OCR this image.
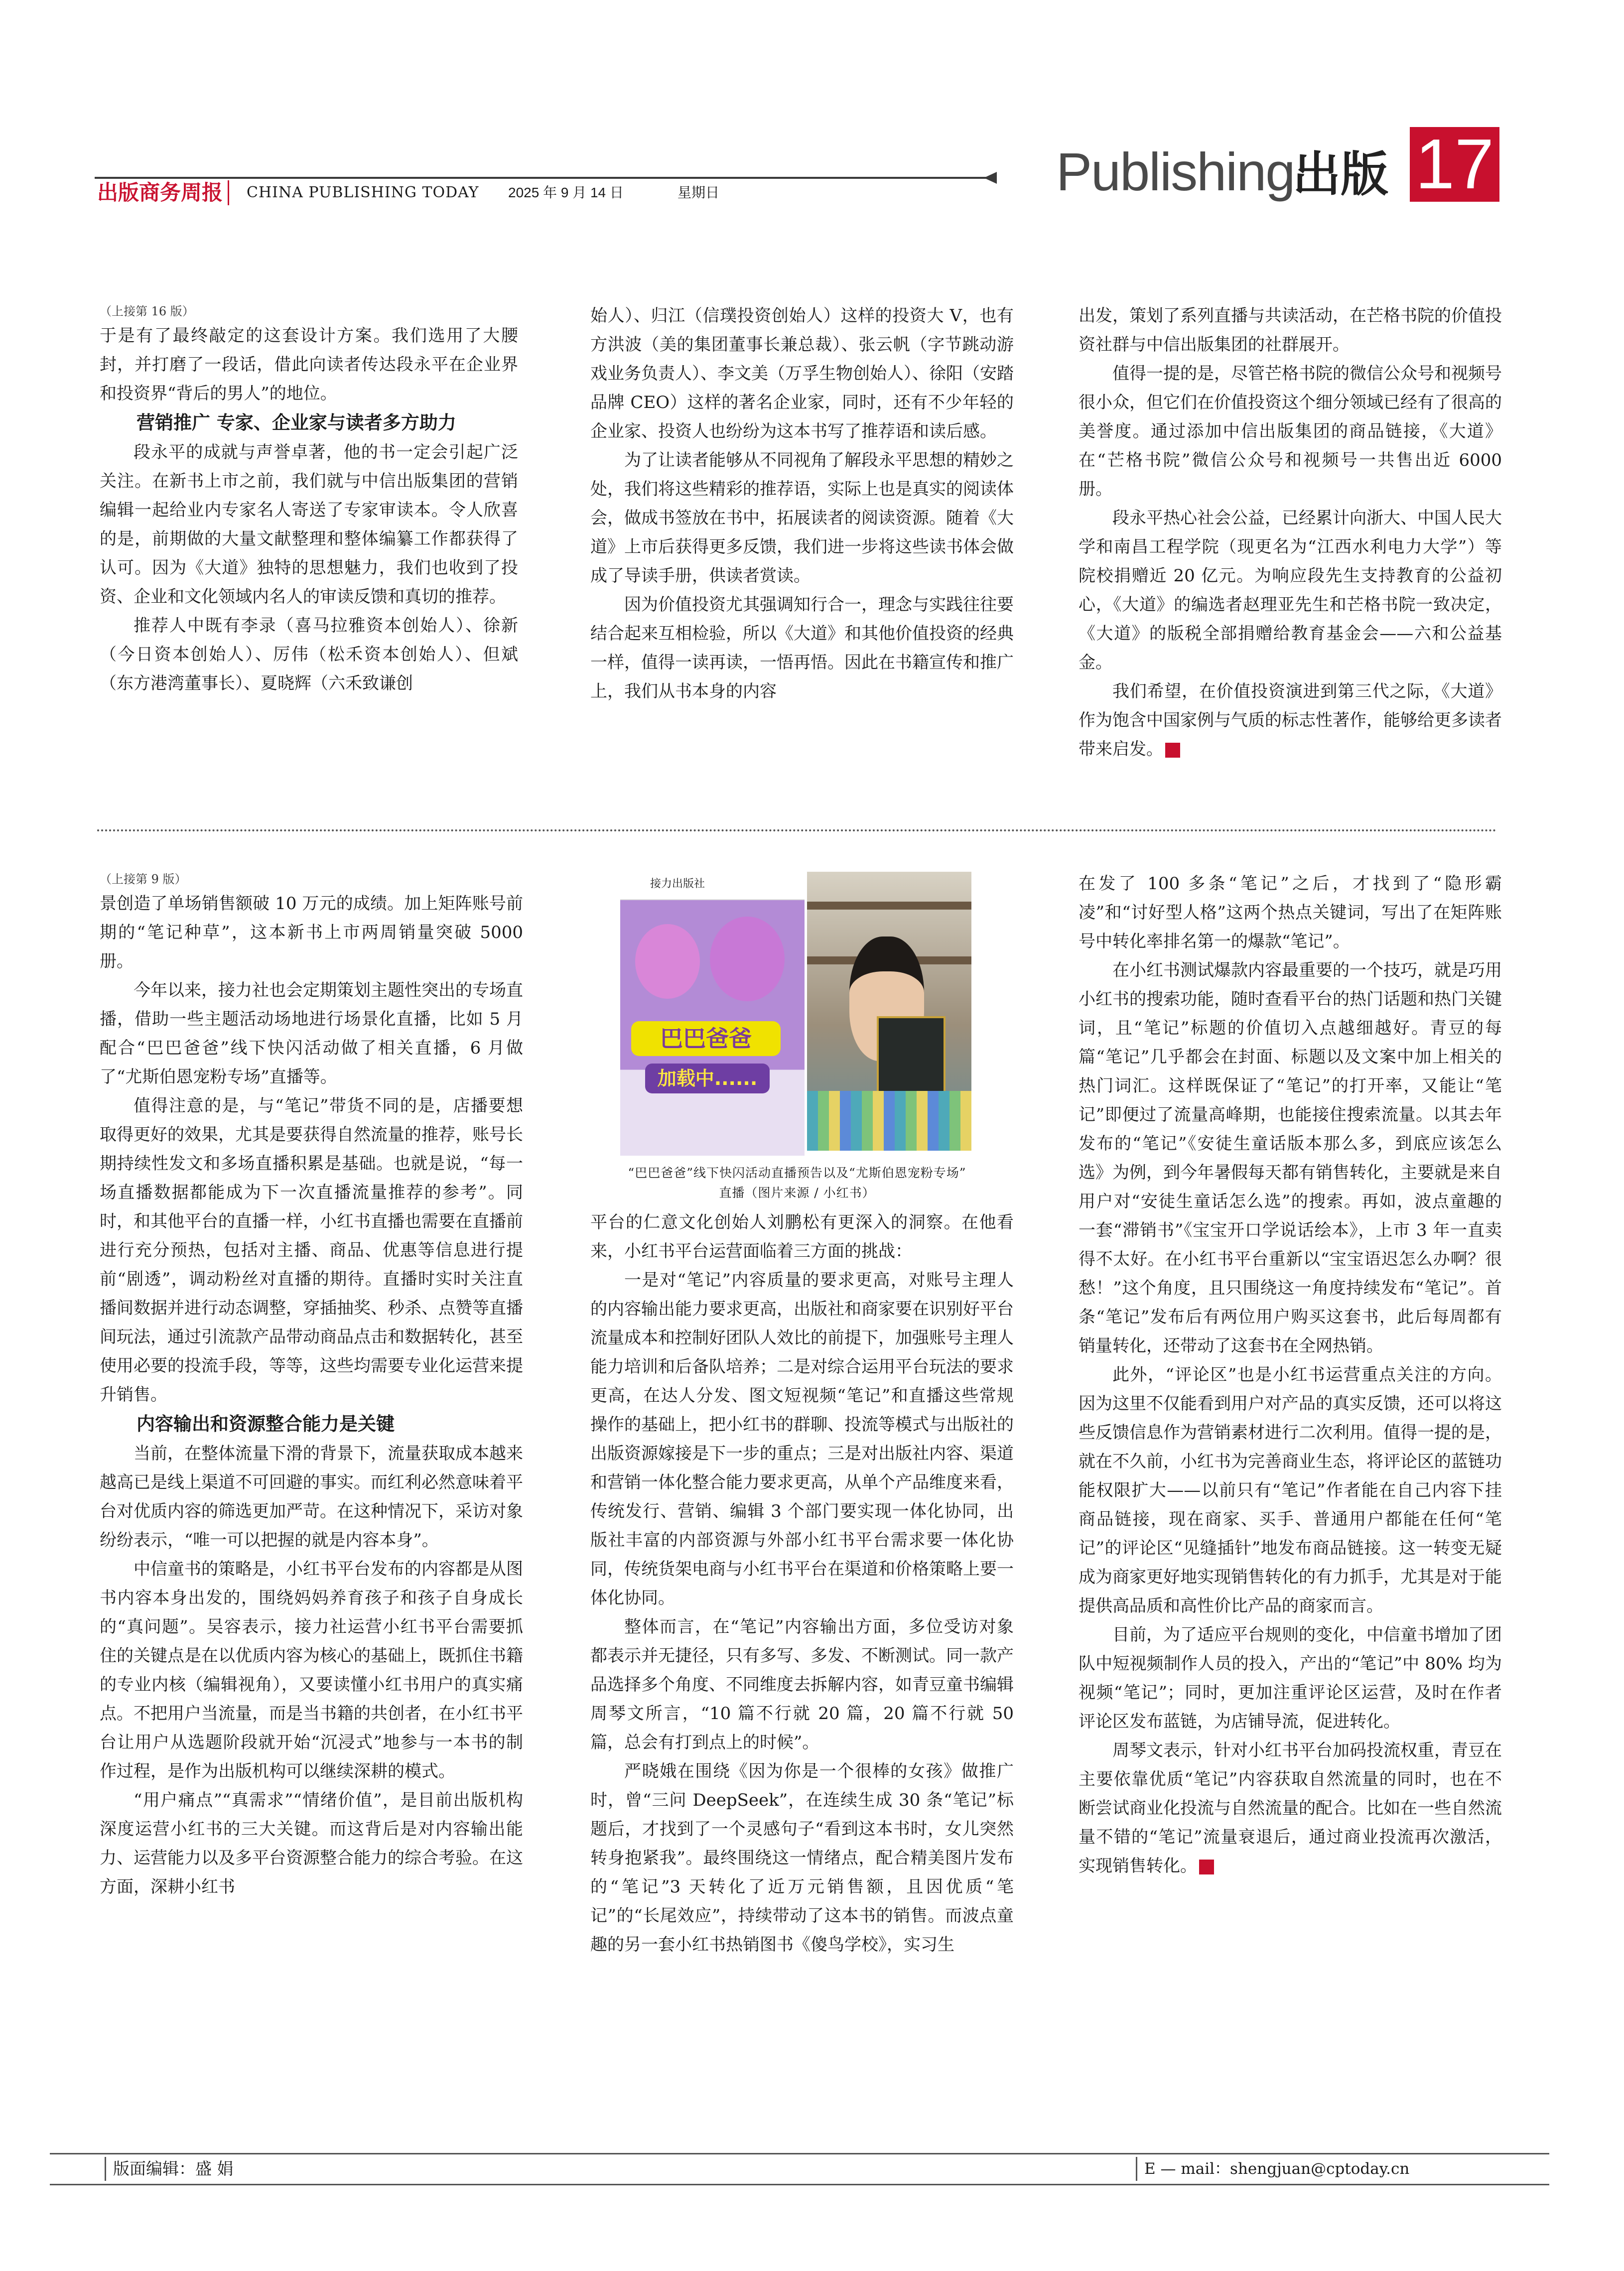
出版商务周报	CHINA PUBLISHING TODAY 2025 年 9 月 14 日	星期日	Publishing
出版 17

（上接第 16 版）

于是有了最终敲定的这套设计方案。我们选用了大腰封，并打磨了一段话，借此向读者传达段永平在企业界和投资界“背后的男人”的地位。

营销推广 专家、企业家与读者多方助力

段永平的成就与声誉卓著，他的书一定会引起广泛关注。在新书上市之前，我们就与中信出版集团的营销编辑一起给业内专家名人寄送了专家审读本。令人欣喜的是，前期做的大量文献整理和整体编纂工作都获得了认可。因为《大道》独特的思想魅力，我们也收到了投资、企业和文化领域内名人的审读反馈和真切的推荐。

推荐人中既有李录（喜马拉雅资本创始人）、徐新（今日资本创始人）、厉伟（松禾资本创始人）、但斌（东方港湾董事长）、夏晓辉（六禾致谦创

始人）、归江（信璞投资创始人）这样的投资大 V，也有方洪波（美的集团董事长兼总裁）、张云帆（字节跳动游戏业务负责人）、李文美（万孚生物创始人）、徐阳（安踏品牌 CEO）这样的著名企业家，同时，还有不少年轻的企业家、投资人也纷纷为这本书写了推荐语和读后感。

为了让读者能够从不同视角了解段永平思想的精妙之处，我们将这些精彩的推荐语，实际上也是真实的阅读体会，做成书签放在书中，拓展读者的阅读资源。随着《大道》上市后获得更多反馈，我们进一步将这些读书体会做成了导读手册，供读者赏读。

因为价值投资尤其强调知行合一，理念与实践往往要结合起来互相检验，所以《大道》和其他价值投资的经典一样，值得一读再读，一悟再悟。因此在书籍宣传和推广上，我们从书本身的内容

出发，策划了系列直播与共读活动，在芒格书院的价值投资社群与中信出版集团的社群展开。

值得一提的是，尽管芒格书院的微信公众号和视频号很小众，但它们在价值投资这个细分领域已经有了很高的美誉度。通过添加中信出版集团的商品链接，《大道》在“芒格书院”微信公众号和视频号一共售出近 6000 册。

段永平热心社会公益，已经累计向浙大、中国人民大学和南昌工程学院（现更名为“江西水利电力大学”）等院校捐赠近 20 亿元。为响应段先生支持教育的公益初心，《大道》的编选者赵理亚先生和芒格书院一致决定，《大道》的版税全部捐赠给教育基金会——六和公益基金。

我们希望，在价值投资演进到第三代之际，《大道》作为饱含中国家例与气质的标志性著作，能够给更多读者带来启发。	◧

（上接第 9 版）

景创造了单场销售额破 10 万元的成绩。加上矩阵账号前期的“笔记种草”，这本新书上市两周销量突破 5000 册。

今年以来，接力社也会定期策划主题性突出的专场直播，借助一些主题活动场地进行场景化直播，比如 5 月配合“巴巴爸爸”线下快闪活动做了相关直播，6 月做了“尤斯伯恩宠粉专场”直播等。

值得注意的是，与“笔记”带货不同的是，店播要想取得更好的效果，尤其是要获得自然流量的推荐，账号长期持续性发文和多场直播积累是基础。也就是说，“每一场直播数据都能成为下一次直播流量推荐的参考”。同时，和其他平台的直播一样，小红书直播也需要在直播前进行充分预热，包括对主播、商品、优惠等信息进行提前“剧透”，调动粉丝对直播的期待。直播时实时关注直播间数据并进行动态调整，穿插抽奖、秒杀、点赞等直播间玩法，通过引流款产品带动商品点击和数据转化，甚至使用必要的投流手段，等等，这些均需要专业化运营来提升销售。

内容输出和资源整合能力是关键

当前，在整体流量下滑的背景下，流量获取成本越来越高已是线上渠道不可回避的事实。而红利必然意味着平台对优质内容的筛选更加严苛。在这种情况下，采访对象纷纷表示，“唯一可以把握的就是内容本身”。

中信童书的策略是，小红书平台发布的内容都是从图书内容本身出发的，围绕妈妈养育孩子和孩子自身成长的“真问题”。吴容表示，接力社运营小红书平台需要抓住的关键点是在以优质内容为核心的基础上，既抓住书籍的专业内核（编辑视角），又要读懂小红书用户的真实痛点。不把用户当流量，而是当书籍的共创者，在小红书平台让用户从选题阶段就开始“沉浸式”地参与一本书的制作过程，是作为出版机构可以继续深耕的模式。

“用户痛点”“真需求”“情绪价值”，是目前出版机构深度运营小红书的三大关键。而这背后是对内容输出能力、运营能力以及多平台资源整合能力的综合考验。在这方面，深耕小红书

接力出版社
巴巴爸爸
加载中......
“巴巴爸爸”线下快闪活动直播预告以及“尤斯伯恩宠粉专场”
直播（图片来源 / 小红书）

平台的仁意文化创始人刘鹏松有更深入的洞察。在他看来，小红书平台运营面临着三方面的挑战：

一是对“笔记”内容质量的要求更高，对账号主理人的内容输出能力要求更高，出版社和商家要在识别好平台流量成本和控制好团队人效比的前提下，加强账号主理人能力培训和后备队培养；二是对综合运用平台玩法的要求更高，在达人分发、图文短视频“笔记”和直播这些常规操作的基础上，把小红书的群聊、投流等模式与出版社的出版资源嫁接是下一步的重点；三是对出版社内容、渠道和营销一体化整合能力要求更高，从单个产品维度来看，传统发行、营销、编辑 3 个部门要实现一体化协同，出版社丰富的内部资源与外部小红书平台需求要一体化协同，传统货架电商与小红书平台在渠道和价格策略上要一体化协同。

整体而言，在“笔记”内容输出方面，多位受访对象都表示并无捷径，只有多写、多发、不断测试。同一款产品选择多个角度、不同维度去拆解内容，如青豆童书编辑周琴文所言，“10 篇不行就 20 篇，20 篇不行就 50 篇，总会有打到点上的时候”。

严晓娥在围绕《因为你是一个很棒的女孩》做推广时，曾“三问 DeepSeek”，在连续生成 30 条“笔记”标题后，才找到了一个灵感句子“看到这本书时，女儿突然转身抱紧我”。最终围绕这一情绪点，配合精美图片发布的“笔记”3 天转化了近万元销售额，且因优质“笔记”的“长尾效应”，持续带动了这本书的销售。而波点童趣的另一套小红书热销图书《傻鸟学校》，实习生

在发了 100 多条“笔记”之后，才找到了“隐形霸凌”和“讨好型人格”这两个热点关键词，写出了在矩阵账号中转化率排名第一的爆款“笔记”。

在小红书测试爆款内容最重要的一个技巧，就是巧用小红书的搜索功能，随时查看平台的热门话题和热门关键词，且“笔记”标题的价值切入点越细越好。青豆的每篇“笔记”几乎都会在封面、标题以及文案中加上相关的热门词汇。这样既保证了“笔记”的打开率，又能让“笔记”即便过了流量高峰期，也能接住搜索流量。以其去年发布的“笔记”《安徒生童话版本那么多，到底应该怎么选》为例，到今年暑假每天都有销售转化，主要就是来自用户对“安徒生童话怎么选”的搜索。再如，波点童趣的一套“滞销书”《宝宝开口学说话绘本》，上市 3 年一直卖得不太好。在小红书平台重新以“宝宝语迟怎么办啊？很愁！”这个角度，且只围绕这一角度持续发布“笔记”。首条“笔记”发布后有两位用户购买这套书，此后每周都有销量转化，还带动了这套书在全网热销。

此外，“评论区”也是小红书运营重点关注的方向。因为这里不仅能看到用户对产品的真实反馈，还可以将这些反馈信息作为营销素材进行二次利用。值得一提的是，就在不久前，小红书为完善商业生态，将评论区的蓝链功能权限扩大——以前只有“笔记”作者能在自己内容下挂商品链接，现在商家、买手、普通用户都能在任何“笔记”的评论区“见缝插针”地发布商品链接。这一转变无疑成为商家更好地实现销售转化的有力抓手，尤其是对于能提供高品质和高性价比产品的商家而言。

目前，为了适应平台规则的变化，中信童书增加了团队中短视频制作人员的投入，产出的“笔记”中 80% 均为视频“笔记”；同时，更加注重评论区运营，及时在作者评论区发布蓝链，为店铺导流，促进转化。

周琴文表示，针对小红书平台加码投流权重，青豆在主要依靠优质“笔记”内容获取自然流量的同时，也在不断尝试商业化投流与自然流量的配合。比如在一些自然流量不错的“笔记”流量衰退后，通过商业投流再次激活，实现销售转化。	◧

版面编辑：盛 娟	E — mail：shengjuan@cptoday.cn
